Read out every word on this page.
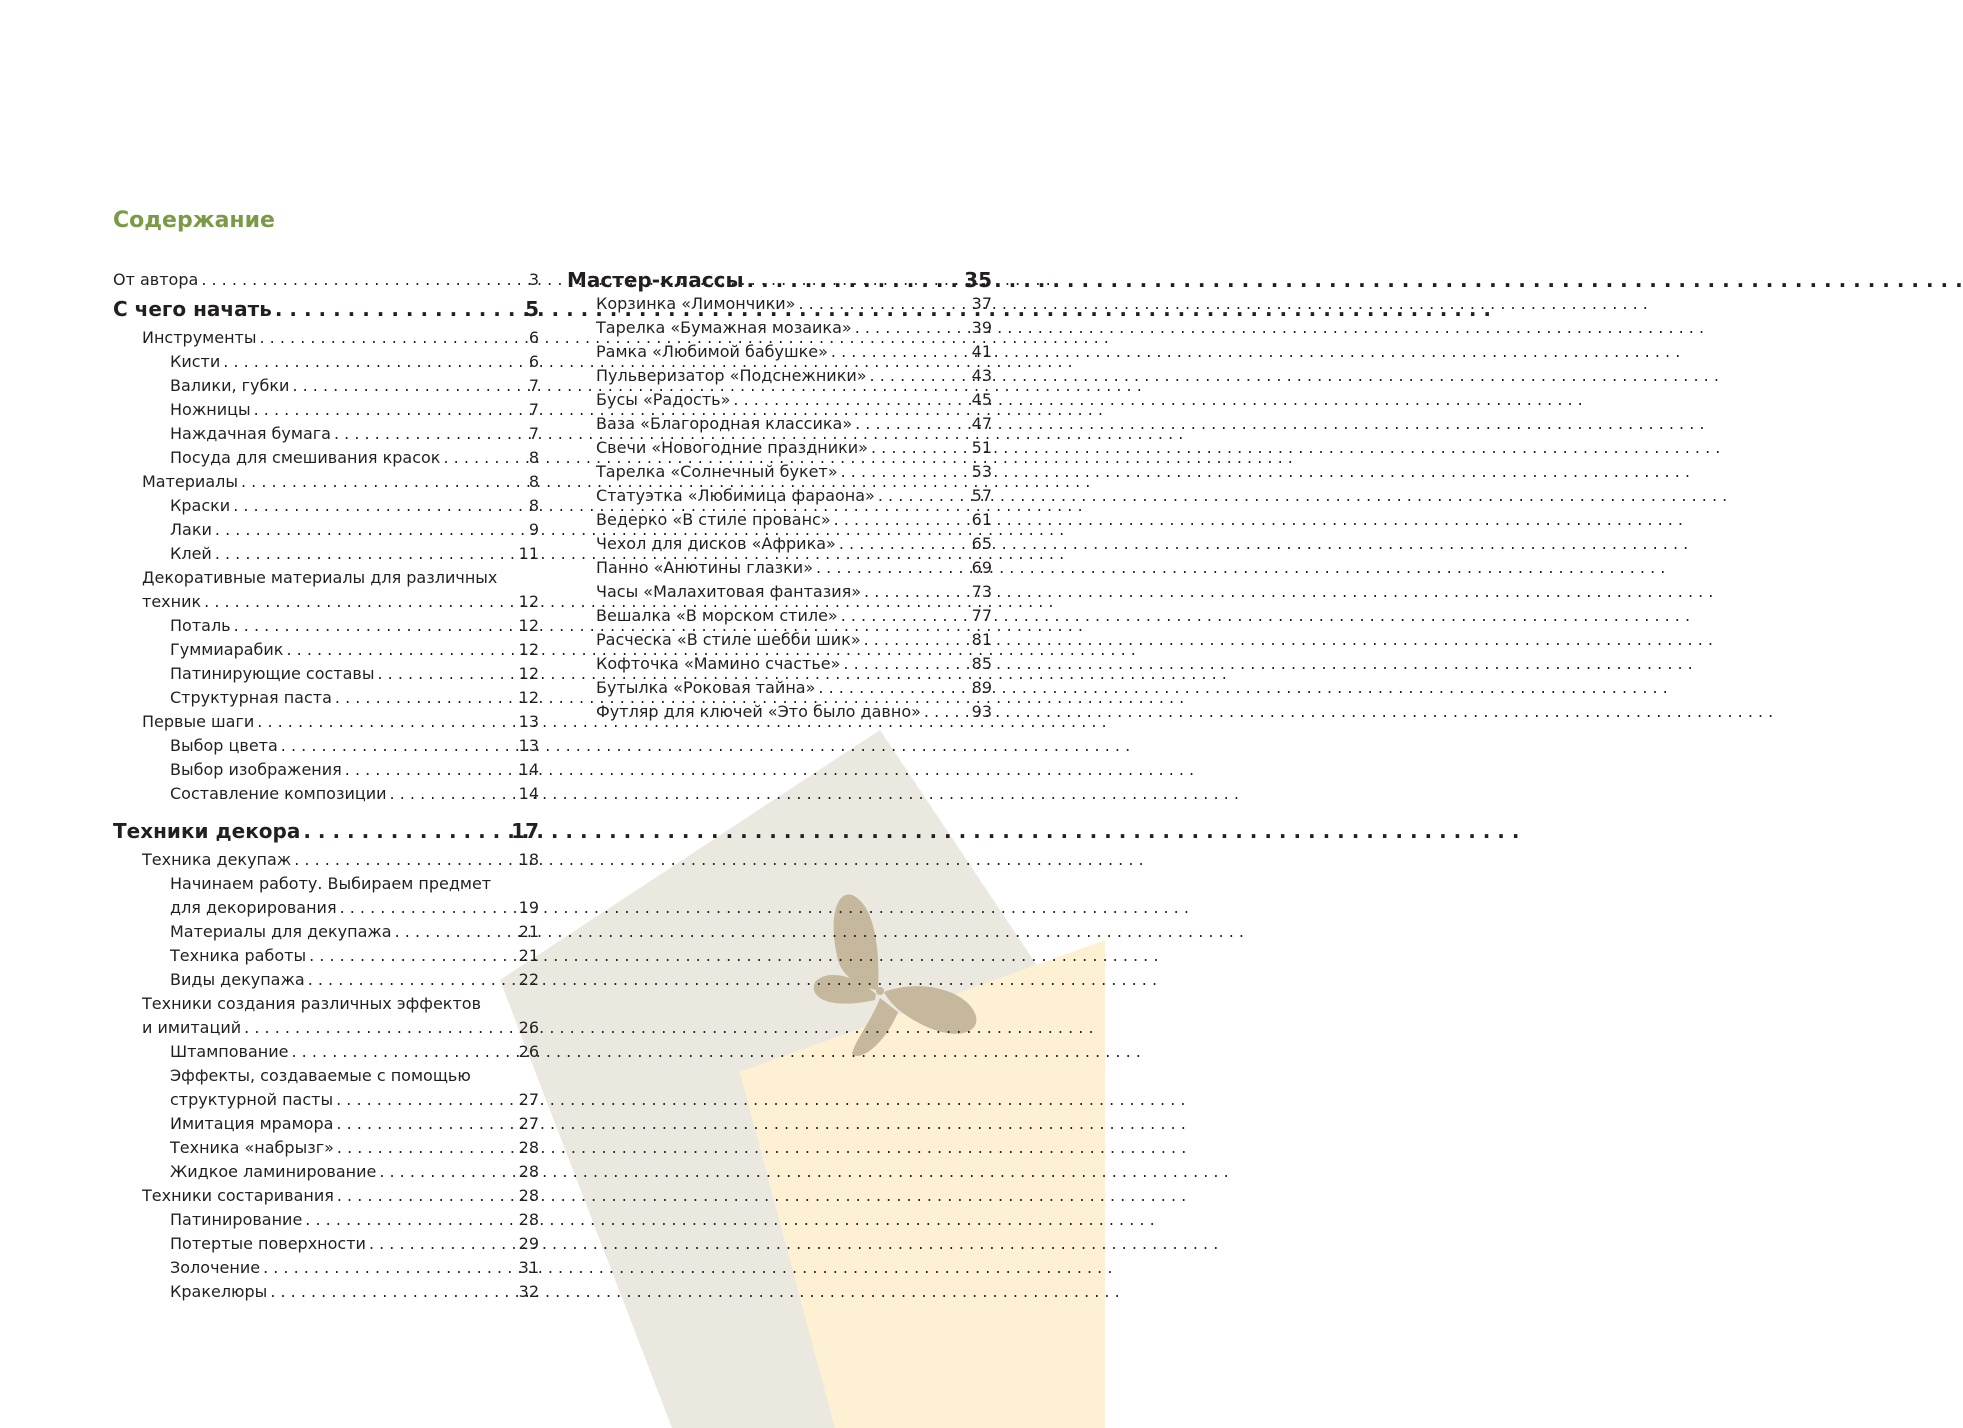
Содержание
От автора . . .	3
С чего начать . . .	5
Инструменты . . .	6
Кисти . . .	6
Валики, губки . . .	7
Ножницы . . .	7
Наждачная бумага . . .	7
Посуда для смешивания красок . . .	8
Материалы . . .	8
Краски . . .	8
Лаки . . .	9
Клей . . .	11
Декоративные материалы для различных
техник . . .	12
Поталь . . .	12
Гуммиарабик . . .	12
Патинирующие составы . . .	12
Структурная паста . . .	12
Первые шаги . . .	13
Выбор цвета . . .	13
Выбор изображения . . .	14
Составление композиции . . .	14
Техники декора . . .	17
Техника декупаж . . .	18
Начинаем работу. Выбираем предмет
для декорирования . . .	19
Материалы для декупажа . . .	21
Техника работы . . .	21
Виды декупажа . . .	22
Техники создания различных эффектов
и имитаций . . .	26
Штампование . . .	26
Эффекты, создаваемые с помощью
структурной пасты . . .	27
Имитация мрамора . . .	27
Техника «набрызг» . . .	28
Жидкое ламинирование . . .	28
Техники состаривания . . .	28
Патинирование . . .	28
Потертые поверхности . . .	29
Золочение . . .	31
Кракелюры . . .	32
Мастер-классы . . .	35
Корзинка «Лимончики» . . .	37
Тарелка «Бумажная мозаика» . . .	39
Рамка «Любимой бабушке» . . .	41
Пульверизатор «Подснежники» . . .	43
Бусы «Радость» . . .	45
Ваза «Благородная классика» . . .	47
Свечи «Новогодние праздники» . . .	51
Тарелка «Солнечный букет» . . .	53
Статуэтка «Любимица фараона» . . .	57
Ведерко «В стиле прованс» . . .	61
Чехол для дисков «Африка» . . .	65
Панно «Анютины глазки» . . .	69
Часы «Малахитовая фантазия» . . .	73
Вешалка «В морском стиле» . . .	77
Расческа «В стиле шебби шик» . . .	81
Кофточка «Мамино счастье» . . .	85
Бутылка «Роковая тайна» . . .	89
Футляр для ключей «Это было давно» . . .	93
